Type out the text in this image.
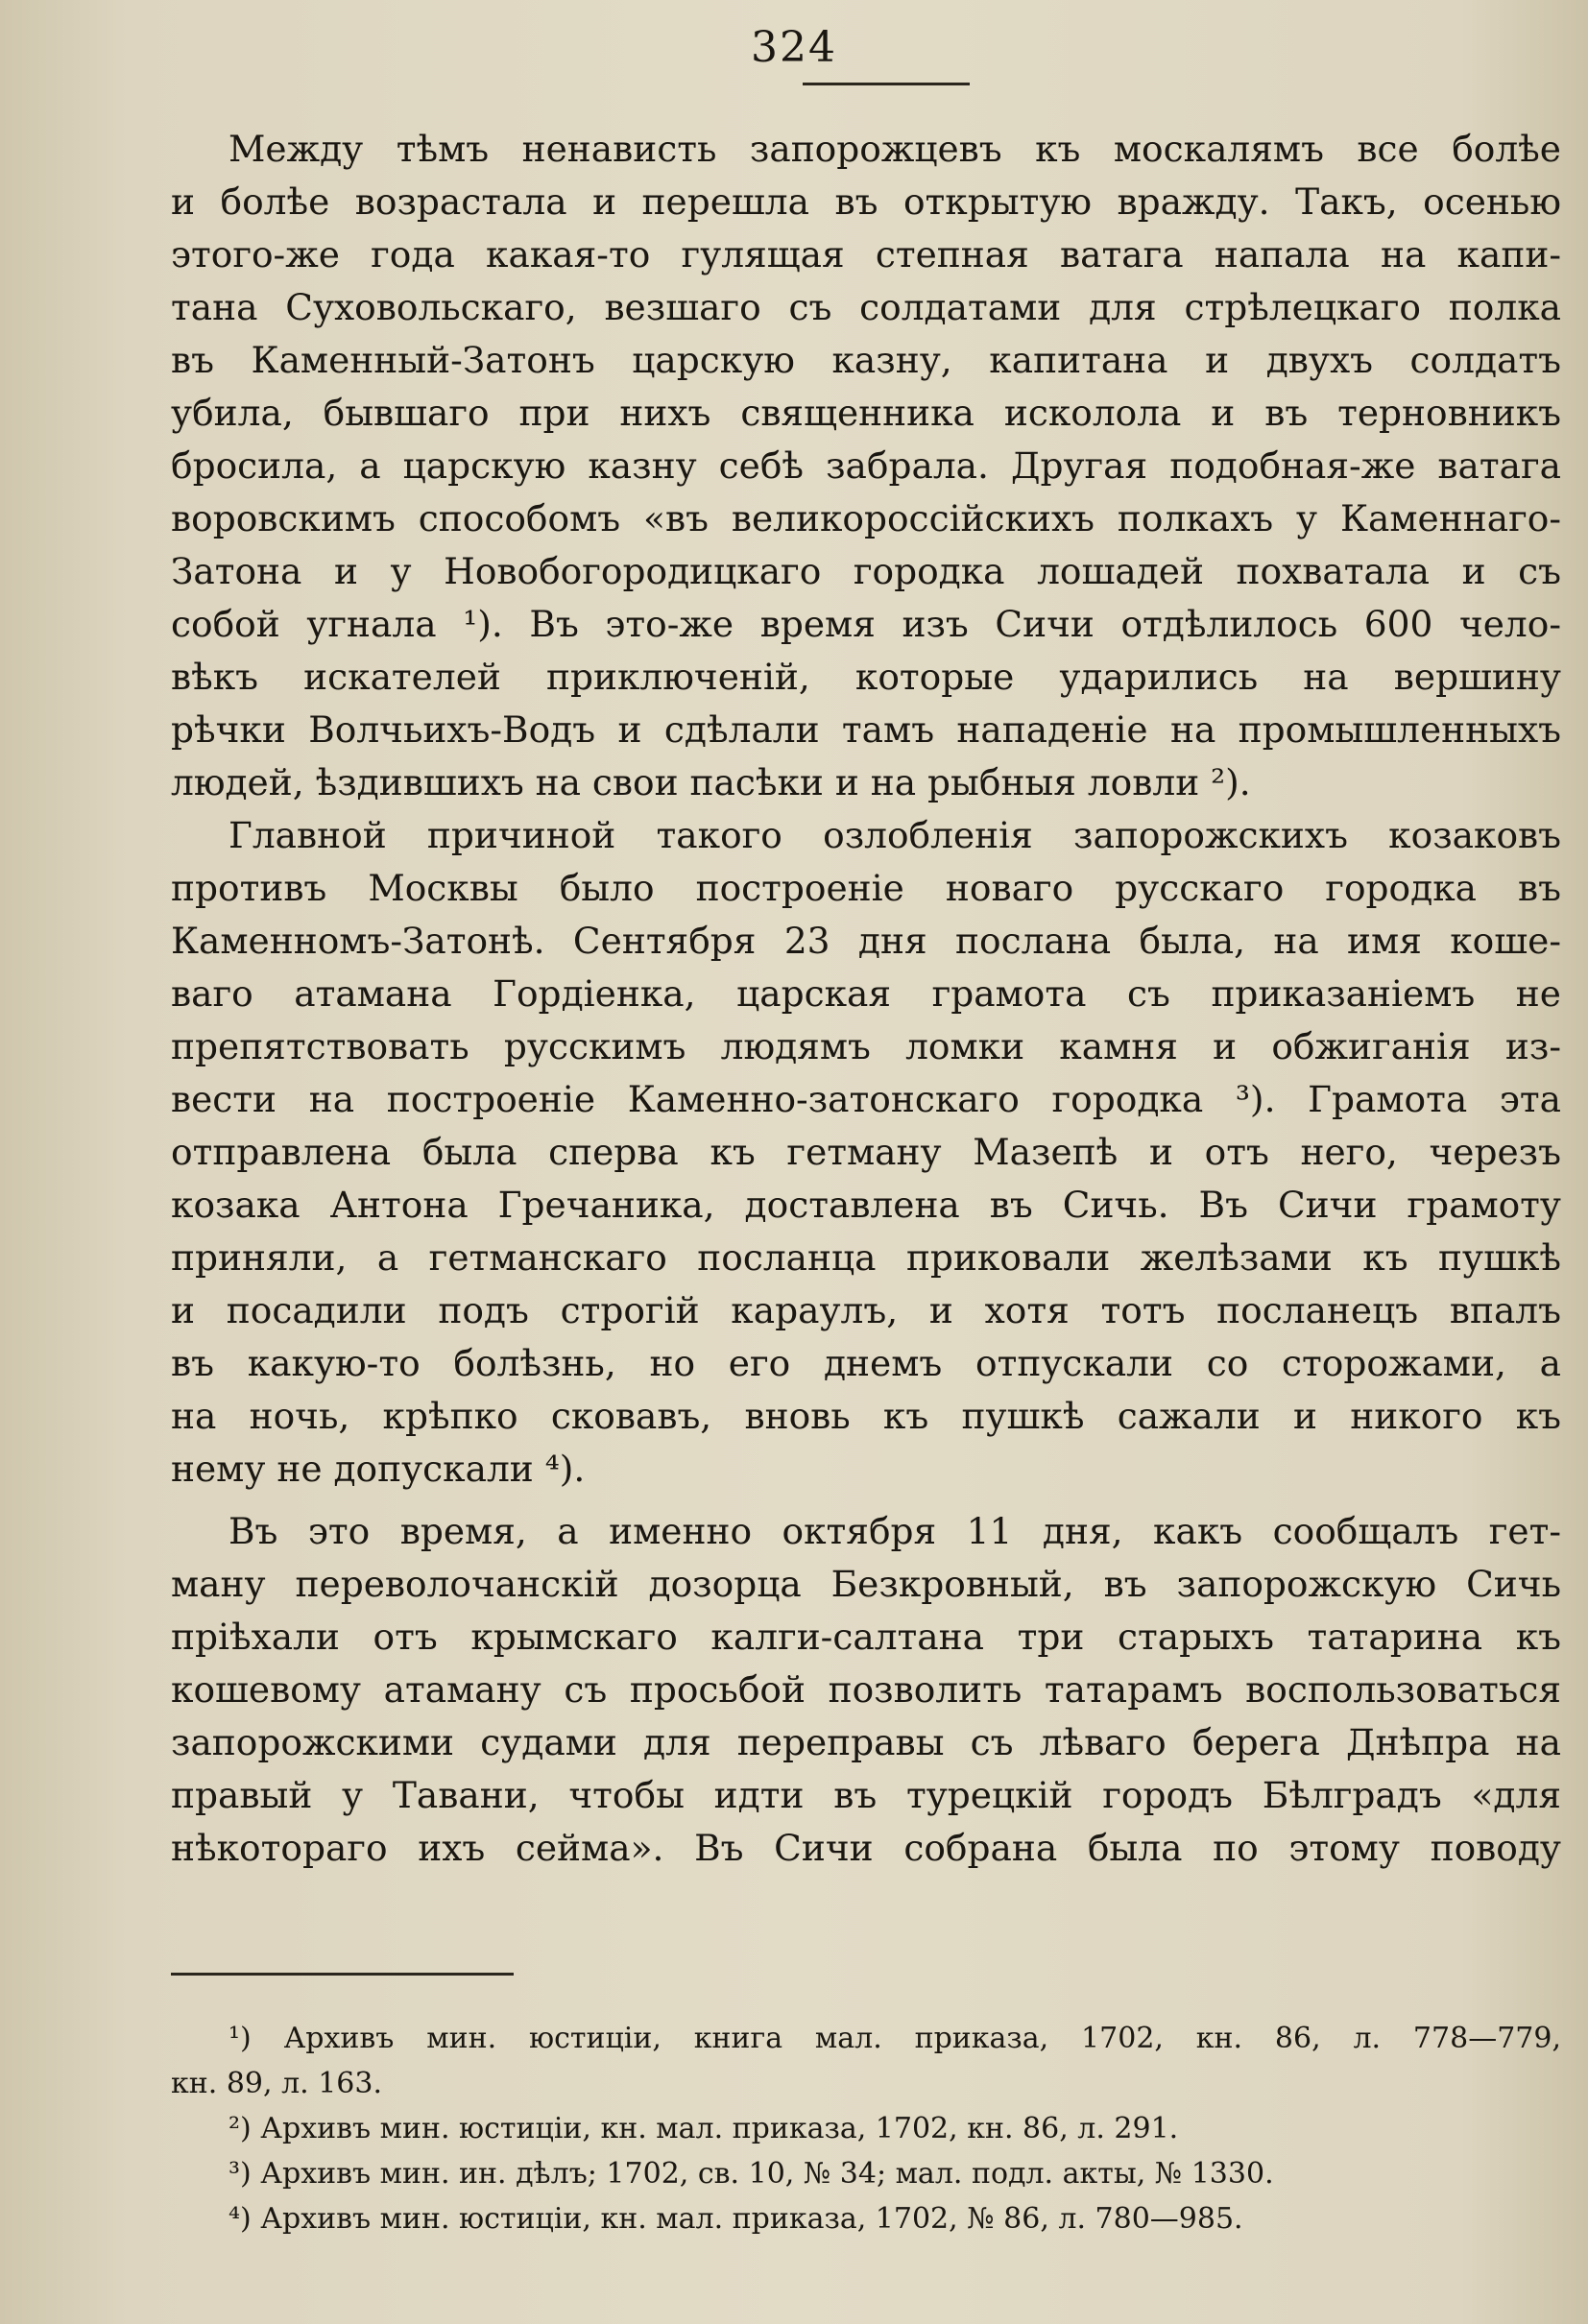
324
Между тѣмъ ненависть запорожцевъ къ москалямъ все болѣе
и болѣе возрастала и перешла въ открытую вражду. Такъ, осенью
этого-же года какая-то гулящая степная ватага напала на капи-
тана Суховольскаго, везшаго съ солдатами для стрѣлецкаго полка
въ Каменный-Затонъ царскую казну, капитана и двухъ солдатъ
убила, бывшаго при нихъ священника исколола и въ терновникъ
бросила, а царскую казну себѣ забрала. Другая подобная-же ватага
воровскимъ способомъ «въ великороссійскихъ полкахъ у Каменнаго-
Затона и у Новобогородицкаго городка лошадей похватала и съ
собой угнала ¹). Въ это-же время изъ Сичи отдѣлилось 600 чело-
вѣкъ искателей приключеній, которые ударились на вершину
рѣчки Волчьихъ-Водъ и сдѣлали тамъ нападеніе на промышленныхъ
людей, ѣздившихъ на свои пасѣки и на рыбныя ловли ²).
Главной причиной такого озлобленія запорожскихъ козаковъ
противъ Москвы было построеніе новаго русскаго городка въ
Каменномъ-Затонѣ. Сентября 23 дня послана была, на имя коше-
ваго атамана Гордіенка, царская грамота съ приказаніемъ не
препятствовать русскимъ людямъ ломки камня и обжиганія из-
вести на построеніе Каменно-затонскаго городка ³). Грамота эта
отправлена была сперва къ гетману Мазепѣ и отъ него, черезъ
козака Антона Гречаника, доставлена въ Сичь. Въ Сичи грамоту
приняли, а гетманскаго посланца приковали желѣзами къ пушкѣ
и посадили подъ строгій караулъ, и хотя тотъ посланецъ впалъ
въ какую-то болѣзнь, но его днемъ отпускали со сторожами, а
на ночь, крѣпко сковавъ, вновь къ пушкѣ сажали и никого къ
нему не допускали ⁴).
Въ это время, а именно октября 11 дня, какъ сообщалъ гет-
ману переволочанскій дозорца Безкровный, въ запорожскую Сичь
пріѣхали отъ крымскаго калги-салтана три старыхъ татарина къ
кошевому атаману съ просьбой позволить татарамъ воспользоваться
запорожскими судами для переправы съ лѣваго берега Днѣпра на
правый у Тавани, чтобы идти въ турецкій городъ Бѣлградъ «для
нѣкотораго ихъ сейма». Въ Сичи собрана была по этому поводу
¹) Архивъ мин. юстиціи, книга мал. приказа, 1702, кн. 86, л. 778—779,
кн. 89, л. 163.
²) Архивъ мин. юстиціи, кн. мал. приказа, 1702, кн. 86, л. 291.
³) Архивъ мин. ин. дѣлъ; 1702, св. 10, № 34; мал. подл. акты, № 1330.
⁴) Архивъ мин. юстиціи, кн. мал. приказа, 1702, № 86, л. 780—985.
